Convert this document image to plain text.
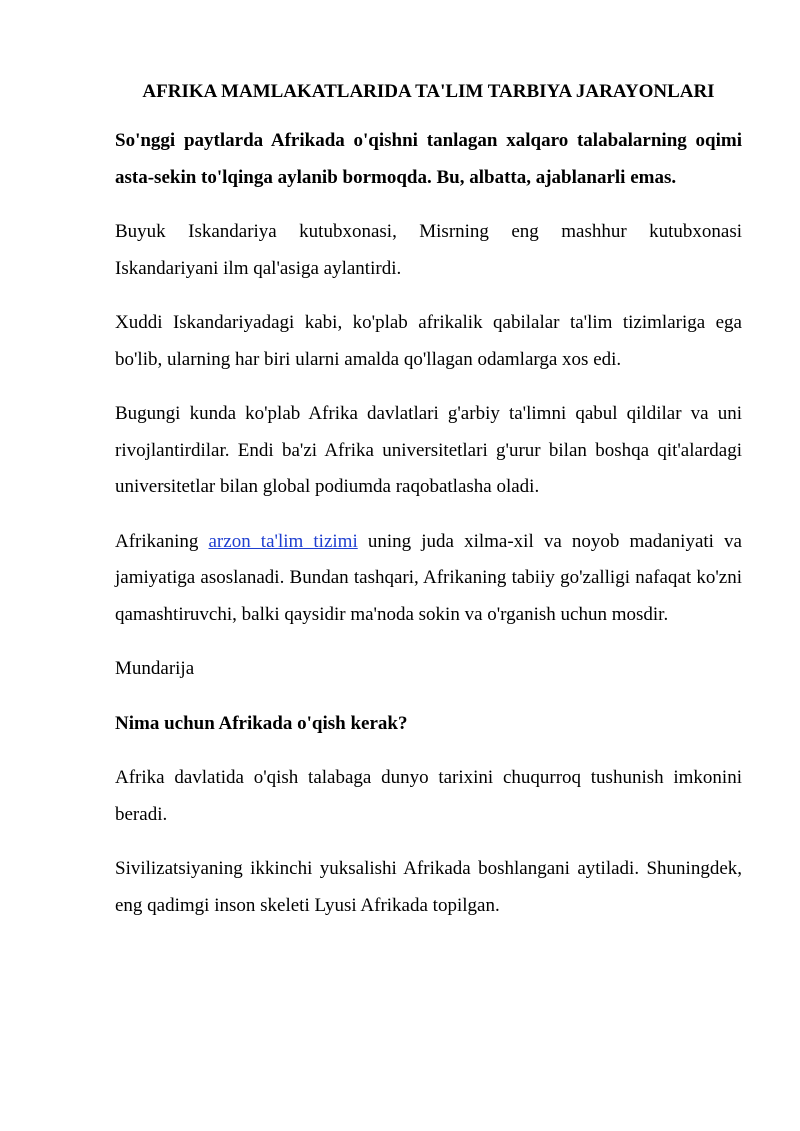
AFRIKA MAMLAKATLARIDA TA'LIM TARBIYA JARAYONLARI

So'nggi paytlarda Afrikada o'qishni tanlagan xalqaro talabalarning oqimi asta-sekin to'lqinga aylanib bormoqda. Bu, albatta, ajablanarli emas.

Buyuk Iskandariya kutubxonasi, Misrning eng mashhur kutubxonasi Iskandariyani ilm qal'asiga aylantirdi.

Xuddi Iskandariyadagi kabi, ko'plab afrikalik qabilalar ta'lim tizimlariga ega bo'lib, ularning har biri ularni amalda qo'llagan odamlarga xos edi.

Bugungi kunda ko'plab Afrika davlatlari g'arbiy ta'limni qabul qildilar va uni rivojlantirdilar. Endi ba'zi Afrika universitetlari g'urur bilan boshqa qit'alardagi universitetlar bilan global podiumda raqobatlasha oladi.

Afrikaning arzon ta'lim tizimi uning juda xilma-xil va noyob madaniyati va jamiyatiga asoslanadi. Bundan tashqari, Afrikaning tabiiy go'zalligi nafaqat ko'zni qamashtiruvchi, balki qaysidir ma'noda sokin va o'rganish uchun mosdir.

Mundarija

Nima uchun Afrikada o'qish kerak?

Afrika davlatida o'qish talabaga dunyo tarixini chuqurroq tushunish imkonini beradi.

Sivilizatsiyaning ikkinchi yuksalishi Afrikada boshlangani aytiladi. Shuningdek, eng qadimgi inson skeleti Lyusi Afrikada topilgan.
